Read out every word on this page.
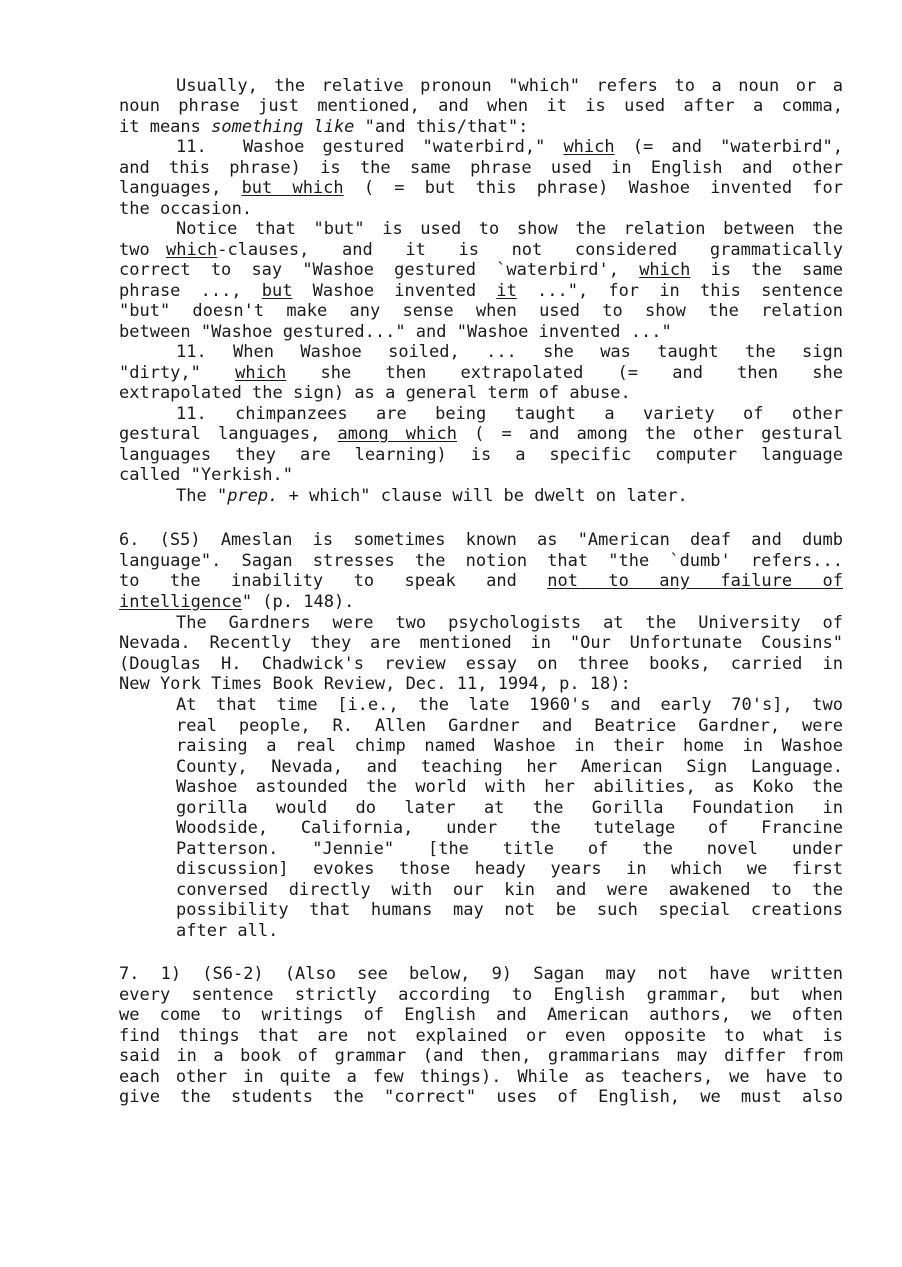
Usually, the relative pronoun "which" refers to a noun or a
noun phrase just mentioned, and when it is used after a comma,
it means something like "and this/that":
11.  Washoe gestured "waterbird," which (= and "waterbird",
and this phrase) is the same phrase used in English and other
languages, but which ( = but this phrase) Washoe invented for
the occasion.
Notice that "but" is used to show the relation between the
two which-clauses,  and  it  is  not  considered  grammatically
correct to say "Washoe gestured `waterbird', which is the same
phrase ..., but Washoe invented it ...", for in this sentence
"but" doesn't make any sense when used to show the relation
between "Washoe gestured..." and "Washoe invented ..."
11.  When  Washoe  soiled,  ...  she  was  taught  the  sign
"dirty,"  which  she  then  extrapolated  (=  and  then  she
extrapolated the sign) as a general term of abuse.
11.  chimpanzees  are  being  taught  a  variety  of  other
gestural languages, among which ( = and among the other gestural
languages they are learning) is a specific computer language
called "Yerkish."
The "prep. + which" clause will be dwelt on later.
6. (S5) Ameslan is sometimes known as "American deaf and dumb
language". Sagan stresses the notion that "the `dumb' refers...
to  the  inability  to  speak  and  not  to  any  failure  of
intelligence" (p. 148).
The Gardners were two psychologists at the University of
Nevada. Recently they are mentioned in "Our Unfortunate Cousins"
(Douglas H. Chadwick's review essay on three books, carried in
New York Times Book Review, Dec. 11, 1994, p. 18):
At that time [i.e., the late 1960's and early 70's], two
real people, R. Allen Gardner and Beatrice Gardner, were
raising a real chimp named Washoe in their home in Washoe
County, Nevada, and teaching her American Sign Language.
Washoe astounded the world with her abilities, as Koko the
gorilla  would  do  later  at  the  Gorilla  Foundation  in
Woodside,  California,  under  the  tutelage  of  Francine
Patterson.  "Jennie"  [the  title  of  the  novel  under
discussion]  evokes  those  heady  years  in  which  we  first
conversed directly with our kin and were awakened to the
possibility that humans may not be such special creations
after all.
7. 1) (S6-2) (Also see below, 9) Sagan may not have written
every sentence strictly according to English grammar, but when
we come to writings of English and American authors, we often
find things that are not explained or even opposite to what is
said in a book of grammar (and then, grammarians may differ from
each other in quite a few things). While as teachers, we have to
give the students the "correct" uses of English, we must also
